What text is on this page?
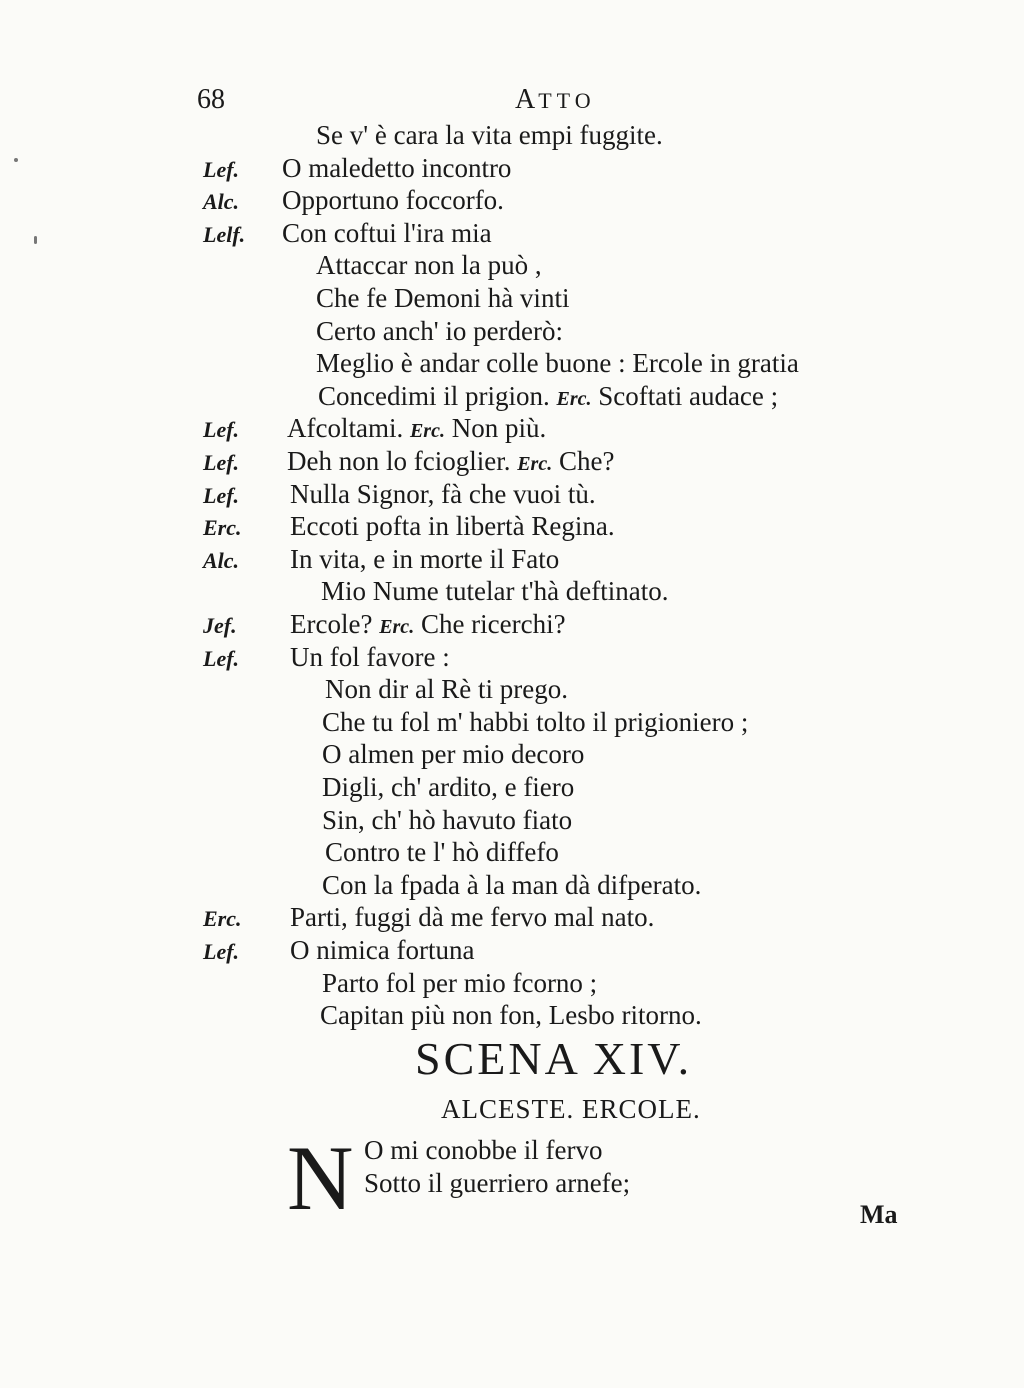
68	ATTO
Se v' è cara la vita empi fuggite.
Lef. O maledetto incontro
Alc. Opportuno foccorfo.
Lelf. Con coftui l'ira mia
Attaccar non la può ,
Che fe Demoni hà vinti
Certo anch' io perderò:
Meglio è andar colle buone : Ercole in gratia
Concedimi il prigion. Erc. Scoftati audace ;
Lef. Afcoltami. Erc. Non più.
Lef. Deh non lo fcioglier. Erc. Che?
Lef. Nulla Signor, fà che vuoi tù.
Erc. Eccoti pofta in libertà Regina.
Alc. In vita, e in morte il Fato
Mio Nume tutelar t'hà deftinato.
Jef. Ercole? Erc. Che ricerchi?
Lef. Un fol favore :
Non dir al Rè ti prego.
Che tu fol m' habbi tolto il prigioniero ;
O almen per mio decoro
Digli, ch' ardito, e fiero
Sin, ch' hò havuto fiato
Contro te l' hò diffefo
Con la fpada à la man dà difperato.
Erc. Parti, fuggi dà me fervo mal nato.
Lef. O nimica fortuna
Parto fol per mio fcorno ;
Capitan più non fon, Lesbo ritorno.
SCENA XIV.
ALCESTE. ERCOLE.
N O mi conobbe il fervo
Sotto il guerriero arnefe;
Ma
